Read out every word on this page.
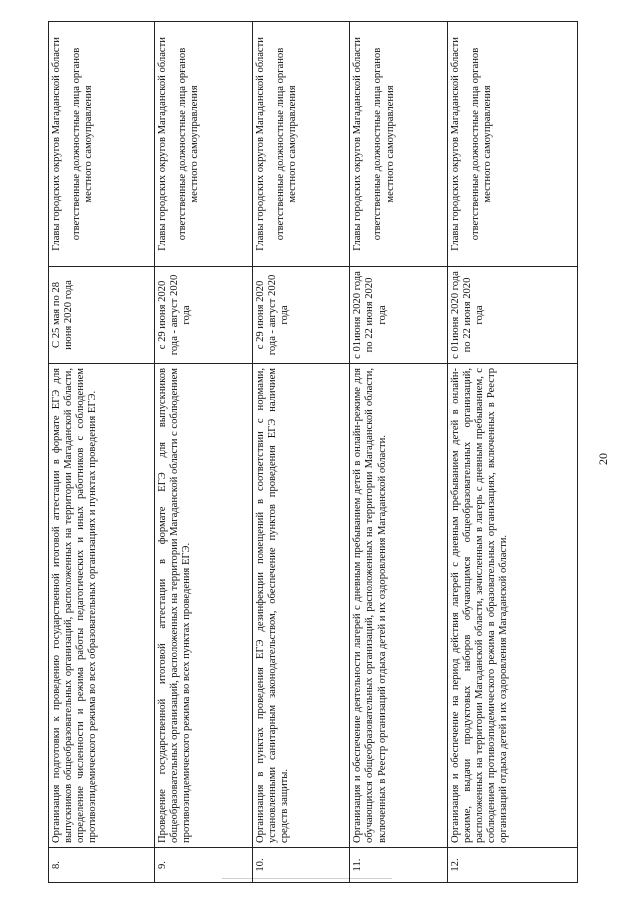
20
8.	Организация подготовки к проведению государственной итоговой аттестации в формате ЕГЭ для выпускников общеобразовательных организаций, расположенных на территории Магаданской области, определение численности и режима работы педагогических и иных работников с соблюдением противоэпидемического режима во всех образовательных организациях и пунктах проведения ЕГЭ.	С 25 мая по 28 июня 2020 года	Главы городских округов Магаданской области ответственные должностные лица органов местного самоуправления

9.	Проведение государственной итоговой аттестации в формате ЕГЭ для выпускников общеобразовательных организаций, расположенных на территории Магаданской области с соблюдением противоэпидемического режима во всех пунктах проведения ЕГЭ.	с 29 июня 2020 года - август 2020 года	Главы городских округов Магаданской области ответственные должностные лица органов местного самоуправления

10.	Организация в пунктах проведения ЕГЭ дезинфекции помещений в соответствии с нормами, установленными санитарным законодательством, обеспечение пунктов проведения ЕГЭ наличием средств защиты.	с 29 июня 2020 года - август 2020 года	Главы городских округов Магаданской области ответственные должностные лица органов местного самоуправления

11.	Организация и обеспечение деятельности лагерей с дневным пребыванием детей в онлайн-режиме для обучающихся общеобразовательных организаций, расположенных на территории Магаданской области, включенных в Реестр организаций отдыха детей и их оздоровления Магаданской области.	с 01июня 2020 года по 22 июня 2020 года	Главы городских округов Магаданской области ответственные должностные лица органов местного самоуправления

12.	Организация и обеспечение на период действия лагерей с дневным пребыванием детей в онлайн-режиме, выдачи продуктовых наборов обучающимся общеобразовательных организаций, расположенных на территории Магаданской области, зачисленным в лагерь с дневным пребыванием, с соблюдением противоэпидемического режима в образовательных организациях, включенных в Реестр организаций отдыха детей и их оздоровления Магаданской области.	с 01июня 2020 года по 22 июня 2020 года	Главы городских округов Магаданской области ответственные должностные лица органов местного самоуправления
